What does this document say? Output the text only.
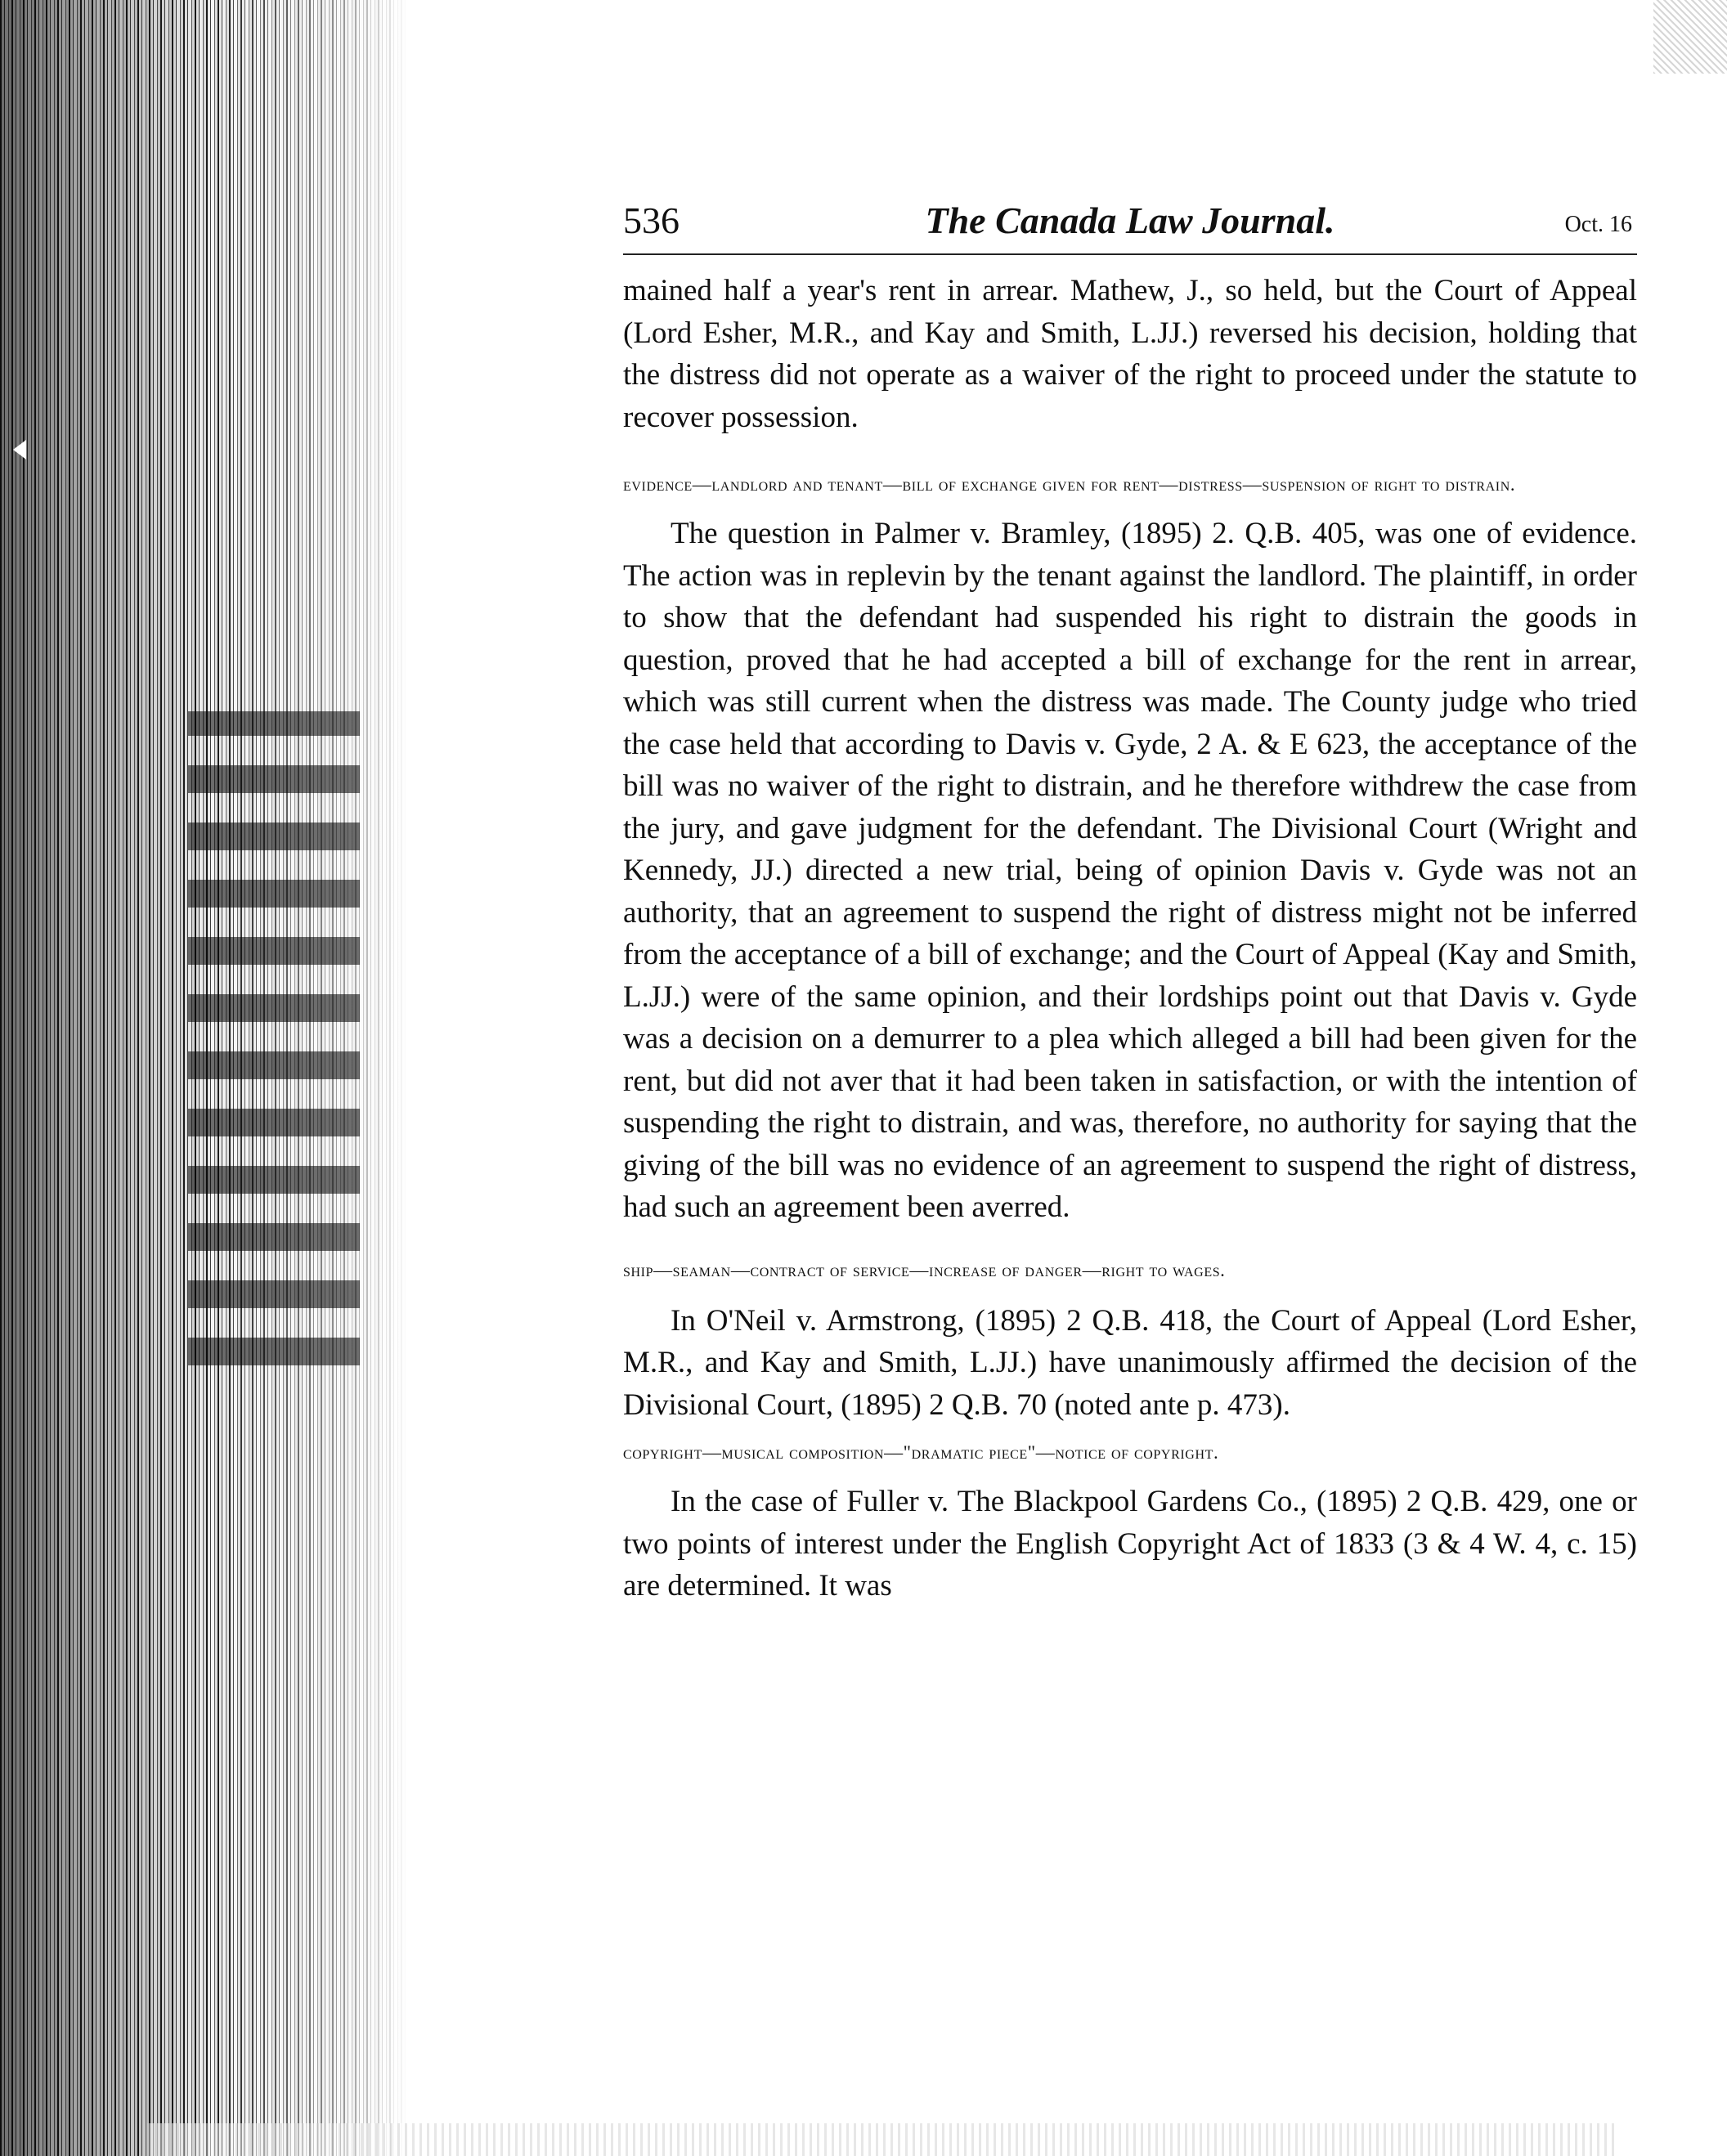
536	The Canada Law Journal.	Oct. 16

mained half a year's rent in arrear. Mathew, J., so held, but the Court of Appeal (Lord Esher, M.R., and Kay and Smith, L.JJ.) reversed his decision, holding that the distress did not operate as a waiver of the right to proceed under the statute to recover possession.

evidence—landlord and tenant—bill of exchange given for rent—distress—suspension of right to distrain.

The question in Palmer v. Bramley, (1895) 2. Q.B. 405, was one of evidence. The action was in replevin by the tenant against the landlord. The plaintiff, in order to show that the defendant had suspended his right to distrain the goods in question, proved that he had accepted a bill of exchange for the rent in arrear, which was still current when the distress was made. The County judge who tried the case held that according to Davis v. Gyde, 2 A. & E 623, the acceptance of the bill was no waiver of the right to distrain, and he therefore withdrew the case from the jury, and gave judgment for the defendant. The Divisional Court (Wright and Kennedy, JJ.) directed a new trial, being of opinion Davis v. Gyde was not an authority, that an agreement to suspend the right of distress might not be inferred from the acceptance of a bill of exchange; and the Court of Appeal (Kay and Smith, L.JJ.) were of the same opinion, and their lordships point out that Davis v. Gyde was a decision on a demurrer to a plea which alleged a bill had been given for the rent, but did not aver that it had been taken in satisfaction, or with the intention of suspending the right to distrain, and was, therefore, no authority for saying that the giving of the bill was no evidence of an agreement to suspend the right of distress, had such an agreement been averred.

ship—seaman—contract of service—increase of danger—right to wages.

In O'Neil v. Armstrong, (1895) 2 Q.B. 418, the Court of Appeal (Lord Esher, M.R., and Kay and Smith, L.JJ.) have unanimously affirmed the decision of the Divisional Court, (1895) 2 Q.B. 70 (noted ante p. 473).

copyright—musical composition—"dramatic piece"—notice of copyright.

In the case of Fuller v. The Blackpool Gardens Co., (1895) 2 Q.B. 429, one or two points of interest under the English Copyright Act of 1833 (3 & 4 W. 4, c. 15) are determined. It was
